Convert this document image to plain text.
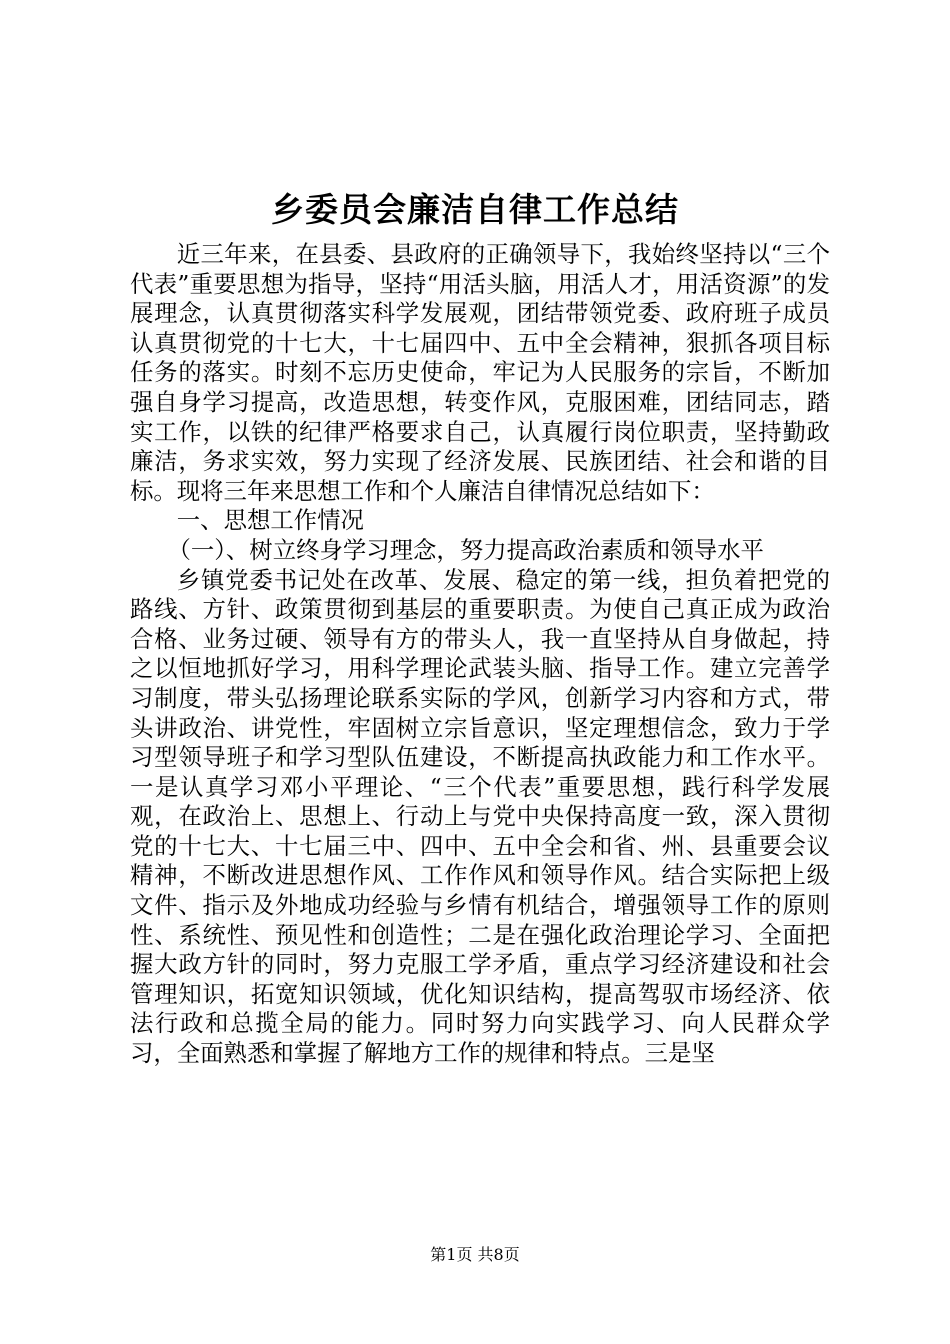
乡委员会廉洁自律工作总结

近三年来，在县委、县政府的正确领导下，我始终坚持以“三个代表”重要思想为指导，坚持“用活头脑，用活人才，用活资源”的发展理念，认真贯彻落实科学发展观，团结带领党委、政府班子成员认真贯彻党的十七大，十七届四中、五中全会精神，狠抓各项目标任务的落实。时刻不忘历史使命，牢记为人民服务的宗旨，不断加强自身学习提高，改造思想，转变作风，克服困难，团结同志，踏实工作，以铁的纪律严格要求自己，认真履行岗位职责，坚持勤政廉洁，务求实效，努力实现了经济发展、民族团结、社会和谐的目标。现将三年来思想工作和个人廉洁自律情况总结如下：

一、思想工作情况

（一）、树立终身学习理念，努力提高政治素质和领导水平

乡镇党委书记处在改革、发展、稳定的第一线，担负着把党的路线、方针、政策贯彻到基层的重要职责。为使自己真正成为政治合格、业务过硬、领导有方的带头人，我一直坚持从自身做起，持之以恒地抓好学习，用科学理论武装头脑、指导工作。建立完善学习制度，带头弘扬理论联系实际的学风，创新学习内容和方式，带头讲政治、讲党性，牢固树立宗旨意识，坚定理想信念，致力于学习型领导班子和学习型队伍建设，不断提高执政能力和工作水平。一是认真学习邓小平理论、“三个代表”重要思想，践行科学发展观，在政治上、思想上、行动上与党中央保持高度一致，深入贯彻党的十七大、十七届三中、四中、五中全会和省、州、县重要会议精神，不断改进思想作风、工作作风和领导作风。结合实际把上级文件、指示及外地成功经验与乡情有机结合，增强领导工作的原则性、系统性、预见性和创造性；二是在强化政治理论学习、全面把握大政方针的同时，努力克服工学矛盾，重点学习经济建设和社会管理知识，拓宽知识领域，优化知识结构，提高驾驭市场经济、依法行政和总揽全局的能力。同时努力向实践学习、向人民群众学习，全面熟悉和掌握了解地方工作的规律和特点。三是坚

第1页 共8页
